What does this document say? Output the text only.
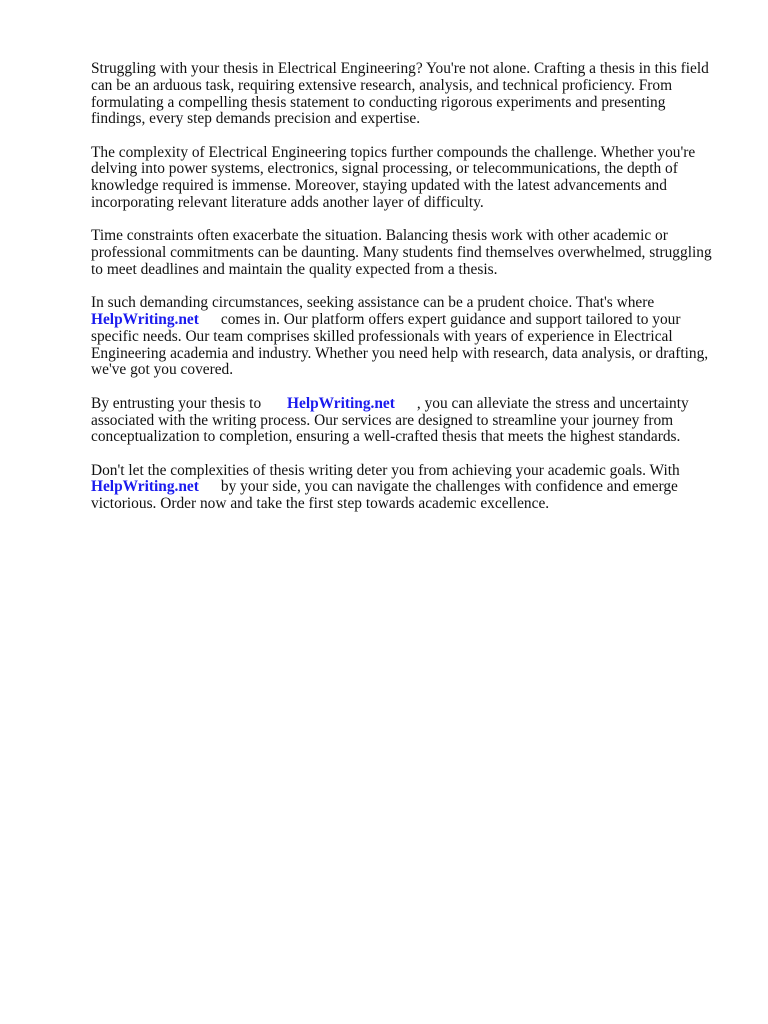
Struggling with your thesis in Electrical Engineering? You're not alone. Crafting a thesis in this field can be an arduous task, requiring extensive research, analysis, and technical proficiency. From formulating a compelling thesis statement to conducting rigorous experiments and presenting findings, every step demands precision and expertise.

The complexity of Electrical Engineering topics further compounds the challenge. Whether you're delving into power systems, electronics, signal processing, or telecommunications, the depth of knowledge required is immense. Moreover, staying updated with the latest advancements and incorporating relevant literature adds another layer of difficulty.

Time constraints often exacerbate the situation. Balancing thesis work with other academic or professional commitments can be daunting. Many students find themselves overwhelmed, struggling to meet deadlines and maintain the quality expected from a thesis.

In such demanding circumstances, seeking assistance can be a prudent choice. That's where
HelpWriting.net comes in. Our platform offers expert guidance and support tailored to your specific needs. Our team comprises skilled professionals with years of experience in Electrical Engineering academia and industry. Whether you need help with research, data analysis, or drafting, we've got you covered.

By entrusting your thesis to HelpWriting.net , you can alleviate the stress and uncertainty associated with the writing process. Our services are designed to streamline your journey from conceptualization to completion, ensuring a well-crafted thesis that meets the highest standards.

Don't let the complexities of thesis writing deter you from achieving your academic goals. With
HelpWriting.net by your side, you can navigate the challenges with confidence and emerge victorious. Order now and take the first step towards academic excellence.
